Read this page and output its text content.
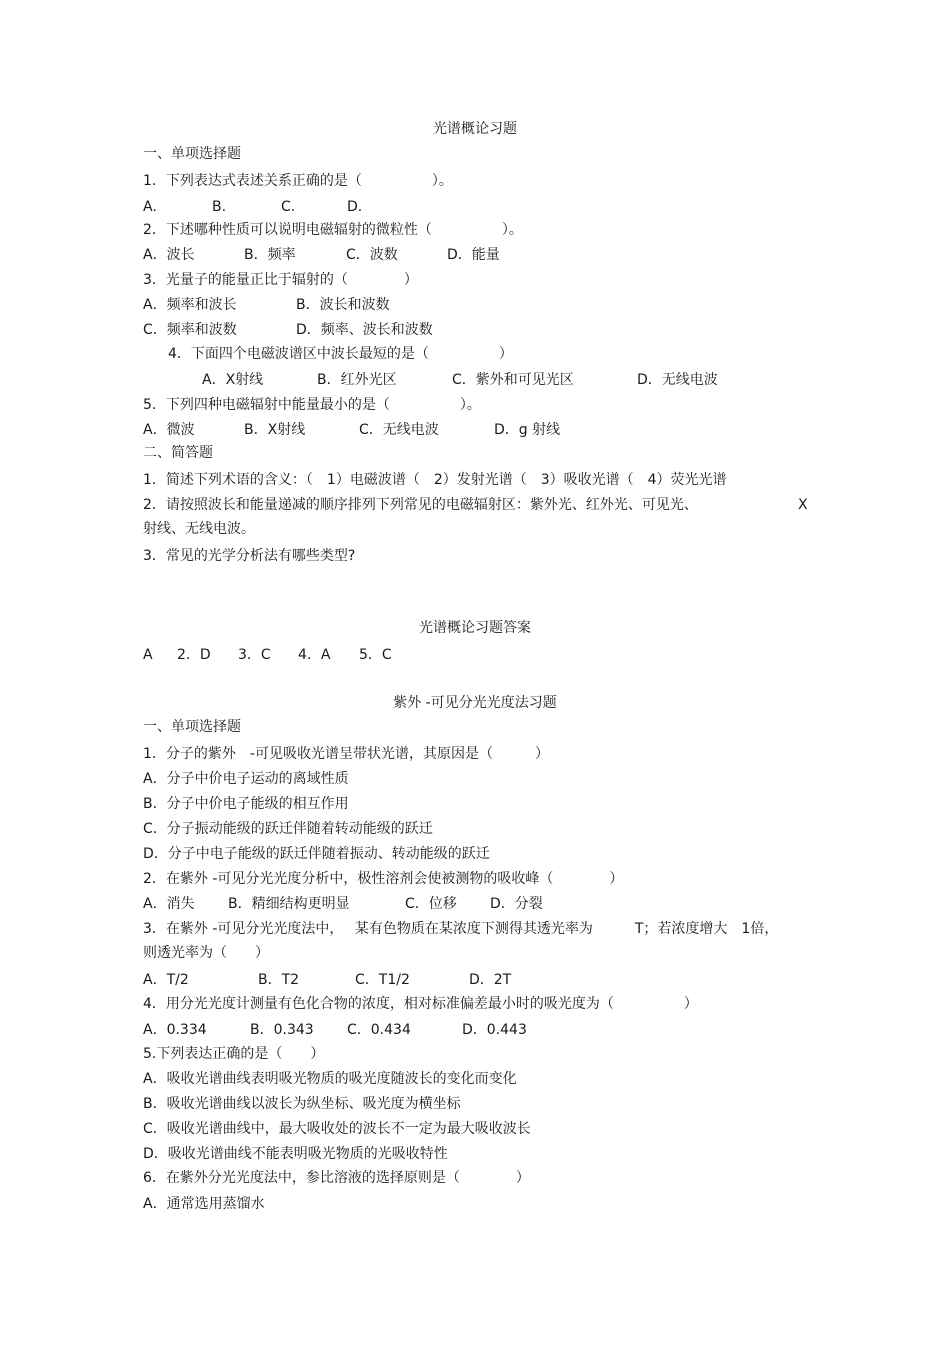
光谱概论习题
一、单项选择题
1．下列表达式表述关系正确的是（　　　　　）。
A.	B.	C.	D.
2．下述哪种性质可以说明电磁辐射的微粒性（　　　　　）。
A．波长	B．频率	C．波数	D．能量
3．光量子的能量正比于辐射的（　　　　）
A．频率和波长	B．波长和波数
C．频率和波数	D．频率、波长和波数
4．下面四个电磁波谱区中波长最短的是（　　　　　）
A．X射线	B．红外光区	C．紫外和可见光区	D．无线电波
5．下列四种电磁辐射中能量最小的是（　　　　　）。
A．微波	B．X射线	C．无线电波	D．g 射线
二、简答题
1．简述下列术语的含义：（　1）电磁波谱（　2）发射光谱（　3）吸收光谱（　4）荧光光谱
2．请按照波长和能量递减的顺序排列下列常见的电磁辐射区：紫外光、红外光、可见光、	X
射线、无线电波。
3．常见的光学分析法有哪些类型?
光谱概论习题答案
A 2．D 3．C 4．A 5．C
紫外 -可见分光光度法习题
一、单项选择题
1．分子的紫外　-可见吸收光谱呈带状光谱，其原因是（　　　）
A．分子中价电子运动的离域性质
B．分子中价电子能级的相互作用
C．分子振动能级的跃迁伴随着转动能级的跃迁
D．分子中电子能级的跃迁伴随着振动、转动能级的跃迁
2．在紫外 -可见分光光度分析中，极性溶剂会使被测物的吸收峰（　　　　）
A．消失 B．精细结构更明显	C．位移 D．分裂
3．在紫外 -可见分光光度法中，　 某有色物质在某浓度下测得其透光率为　　　T；若浓度增大　1倍，
则透光率为（　　）
A．T/2	B．T2	C．T1/2	D．2T
4．用分光光度计测量有色化合物的浓度，相对标准偏差最小时的吸光度为（　　　　　）
A．0.334	B．0.343 C．0.434	D．0.443
5.下列表达正确的是（　　）
A．吸收光谱曲线表明吸光物质的吸光度随波长的变化而变化
B．吸收光谱曲线以波长为纵坐标、吸光度为横坐标
C．吸收光谱曲线中，最大吸收处的波长不一定为最大吸收波长
D．吸收光谱曲线不能表明吸光物质的光吸收特性
6．在紫外分光光度法中，参比溶液的选择原则是（　　　　）
A．通常选用蒸馏水
